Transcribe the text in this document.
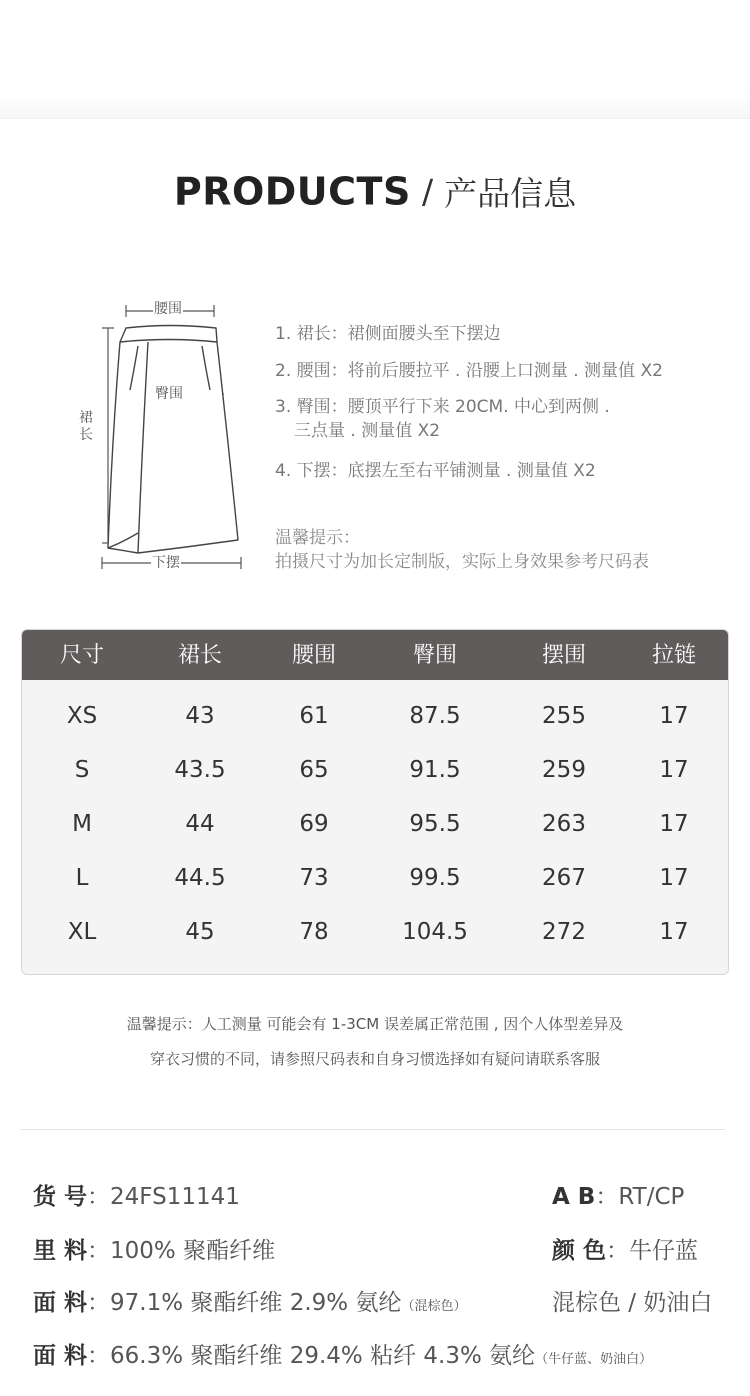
PRODUCTS / 产品信息
腰围
臀围
裙长
下摆
1. 裙长：裙侧面腰头至下摆边
2. 腰围：将前后腰拉平 . 沿腰上口测量 . 测量值 X2
3. 臀围：腰顶平行下来 20CM. 中心到两侧 .
三点量 . 测量值 X2
4. 下摆：底摆左至右平铺测量 . 测量值 X2
温馨提示：
拍摄尺寸为加长定制版，实际上身效果参考尺码表
尺寸	裙长	腰围	臀围	摆围	拉链
XS	43	61	87.5	255	17
S	43.5	65	91.5	259	17
M	44	69	95.5	263	17
L	44.5	73	99.5	267	17
XL	45	78	104.5	272	17
温馨提示：人工测量 可能会有 1-3CM 误差属正常范围 , 因个人体型差异及
穿衣习惯的不同，请参照尺码表和自身习惯选择如有疑问请联系客服
货 号：24FS11141	A B：RT/CP
里 料：100% 聚酯纤维	颜 色：牛仔蓝
面 料：97.1% 聚酯纤维 2.9% 氨纶（混棕色）	混棕色 / 奶油白
面 料：66.3% 聚酯纤维 29.4% 粘纤 4.3% 氨纶（牛仔蓝、奶油白）
